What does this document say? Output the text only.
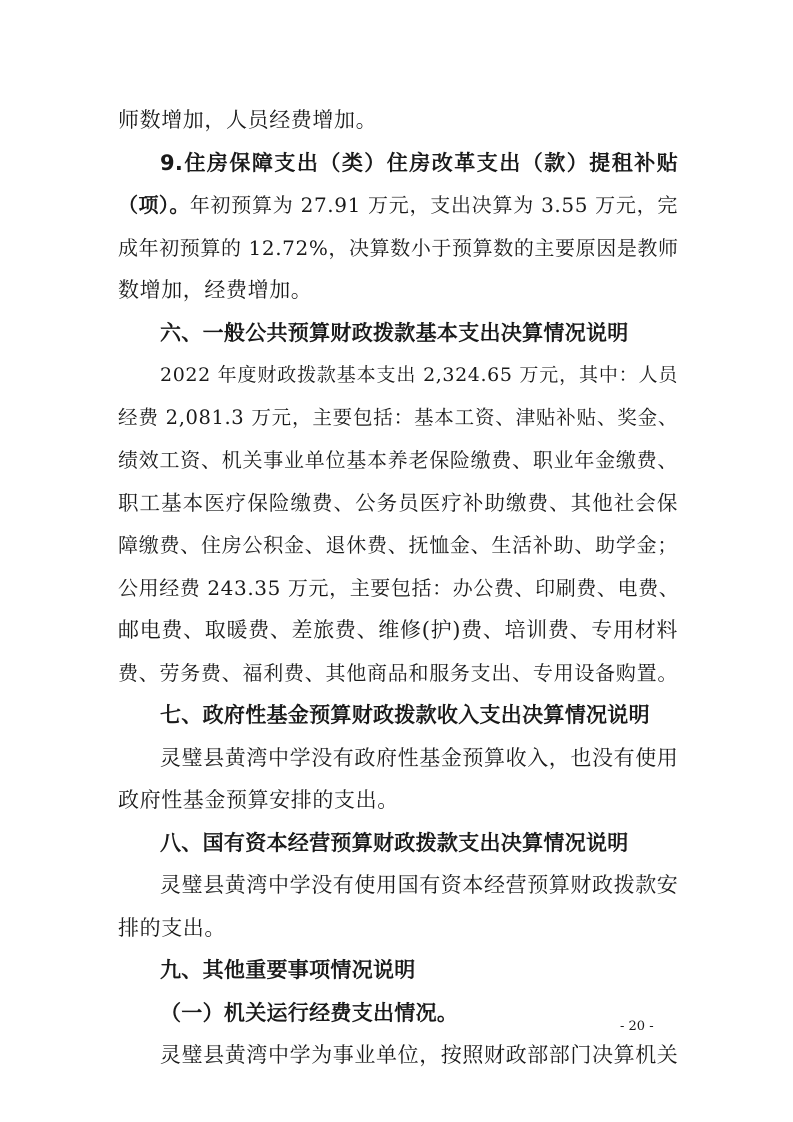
师数增加，人员经费增加。
9.住房保障支出（类）住房改革支出（款）提租补贴
（项）。年初预算为 27.91 万元，支出决算为 3.55 万元，完
成年初预算的 12.72%，决算数小于预算数的主要原因是教师
数增加，经费增加。
六、一般公共预算财政拨款基本支出决算情况说明
2022 年度财政拨款基本支出 2,324.65 万元，其中：人员
经费 2,081.3 万元，主要包括：基本工资、津贴补贴、奖金、
绩效工资、机关事业单位基本养老保险缴费、职业年金缴费、
职工基本医疗保险缴费、公务员医疗补助缴费、其他社会保
障缴费、住房公积金、退休费、抚恤金、生活补助、助学金；
公用经费 243.35 万元，主要包括：办公费、印刷费、电费、
邮电费、取暖费、差旅费、维修(护)费、培训费、专用材料
费、劳务费、福利费、其他商品和服务支出、专用设备购置。
七、政府性基金预算财政拨款收入支出决算情况说明
灵璧县黄湾中学没有政府性基金预算收入，也没有使用
政府性基金预算安排的支出。
八、国有资本经营预算财政拨款支出决算情况说明
灵璧县黄湾中学没有使用国有资本经营预算财政拨款安
排的支出。
九、其他重要事项情况说明
（一）机关运行经费支出情况。
- 20 -
灵璧县黄湾中学为事业单位，按照财政部部门决算机关
